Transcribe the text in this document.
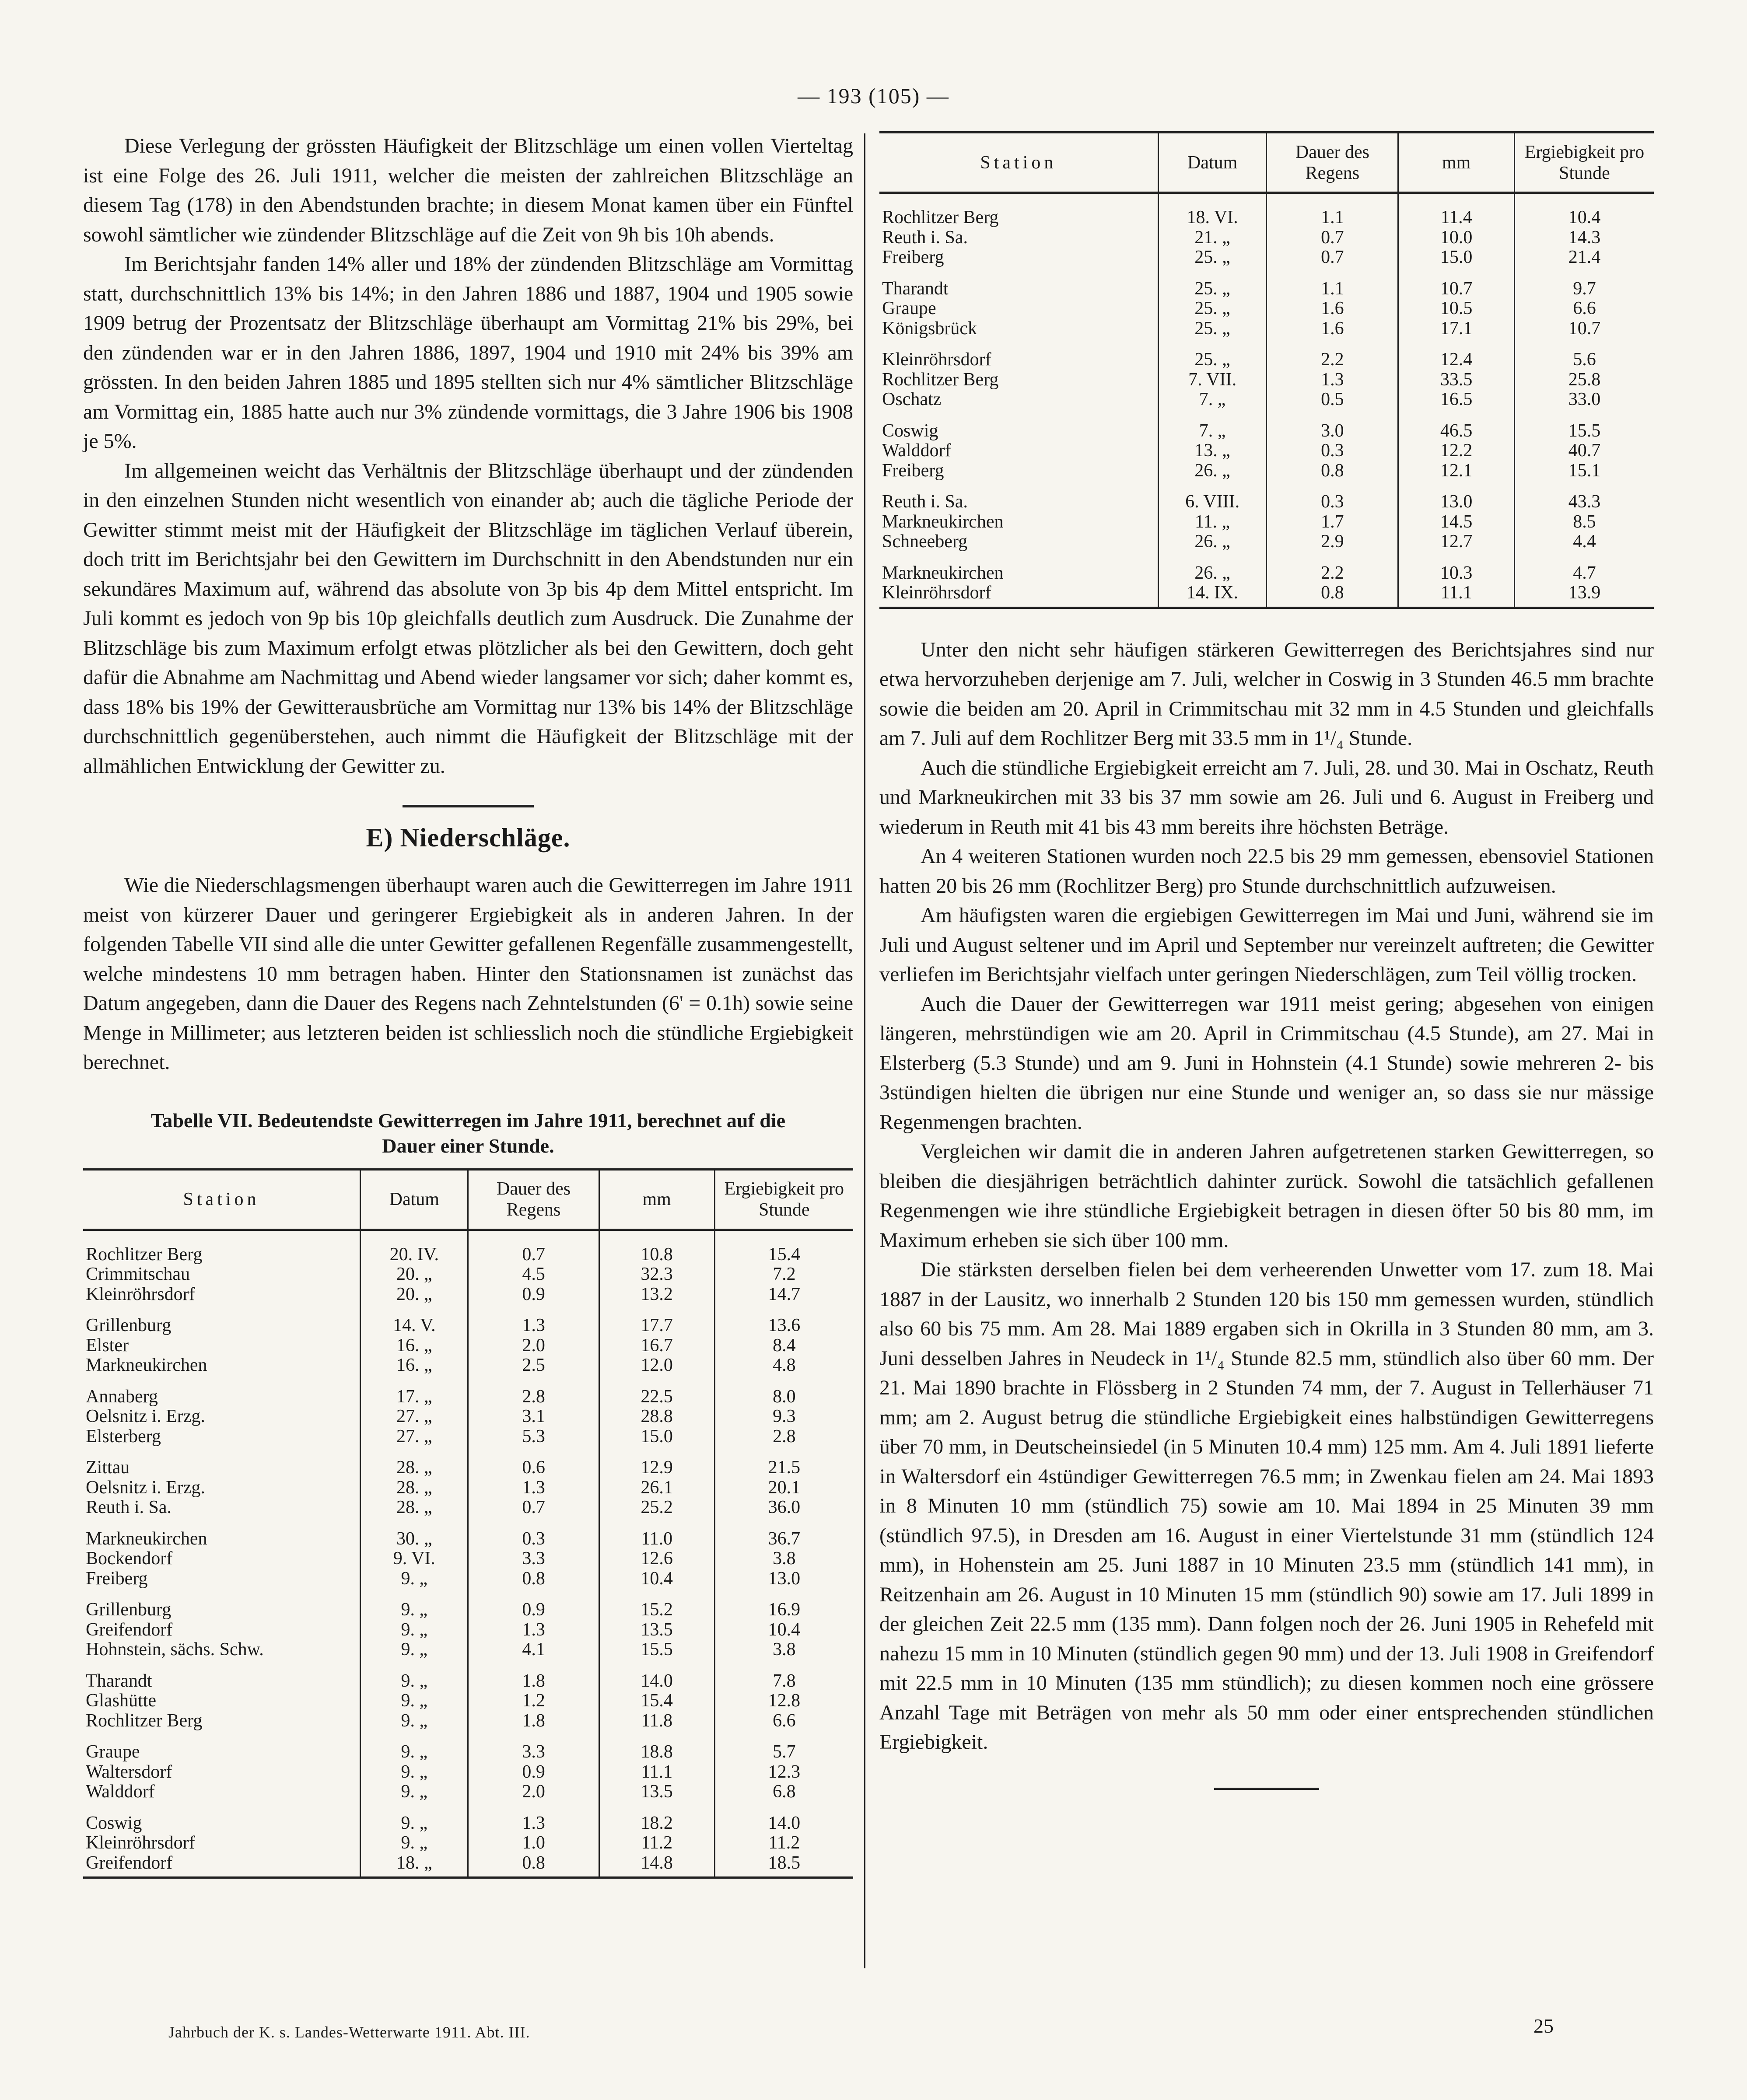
— 193 (105) —

Diese Verlegung der grössten Häufigkeit der Blitzschläge um einen vollen Vierteltag ist eine Folge des 26. Juli 1911, welcher die meisten der zahlreichen Blitzschläge an diesem Tag (178) in den Abendstunden brachte; in diesem Monat kamen über ein Fünftel sowohl sämtlicher wie zündender Blitzschläge auf die Zeit von 9h bis 10h abends.

Im Berichtsjahr fanden 14% aller und 18% der zündenden Blitzschläge am Vormittag statt, durchschnittlich 13% bis 14%; in den Jahren 1886 und 1887, 1904 und 1905 sowie 1909 betrug der Prozentsatz der Blitzschläge überhaupt am Vormittag 21% bis 29%, bei den zündenden war er in den Jahren 1886, 1897, 1904 und 1910 mit 24% bis 39% am grössten. In den beiden Jahren 1885 und 1895 stellten sich nur 4% sämtlicher Blitzschläge am Vormittag ein, 1885 hatte auch nur 3% zündende vormittags, die 3 Jahre 1906 bis 1908 je 5%.

Im allgemeinen weicht das Verhältnis der Blitzschläge überhaupt und der zündenden in den einzelnen Stunden nicht wesentlich von einander ab; auch die tägliche Periode der Gewitter stimmt meist mit der Häufigkeit der Blitzschläge im täglichen Verlauf überein, doch tritt im Berichtsjahr bei den Gewittern im Durchschnitt in den Abendstunden nur ein sekundäres Maximum auf, während das absolute von 3p bis 4p dem Mittel entspricht. Im Juli kommt es jedoch von 9p bis 10p gleichfalls deutlich zum Ausdruck. Die Zunahme der Blitzschläge bis zum Maximum erfolgt etwas plötzlicher als bei den Gewittern, doch geht dafür die Abnahme am Nachmittag und Abend wieder langsamer vor sich; daher kommt es, dass 18% bis 19% der Gewitterausbrüche am Vormittag nur 13% bis 14% der Blitzschläge durchschnittlich gegenüberstehen, auch nimmt die Häufigkeit der Blitzschläge mit der allmählichen Entwicklung der Gewitter zu.

E) Niederschläge.

Wie die Niederschlagsmengen überhaupt waren auch die Gewitterregen im Jahre 1911 meist von kürzerer Dauer und geringerer Ergiebigkeit als in anderen Jahren. In der folgenden Tabelle VII sind alle die unter Gewitter gefallenen Regenfälle zusammengestellt, welche mindestens 10 mm betragen haben. Hinter den Stationsnamen ist zunächst das Datum angegeben, dann die Dauer des Regens nach Zehntelstunden (6' = 0.1h) sowie seine Menge in Millimeter; aus letzteren beiden ist schliesslich noch die stündliche Ergiebigkeit berechnet.

Tabelle VII. Bedeutendste Gewitterregen im Jahre 1911, berechnet auf die
Dauer einer Stunde.
Station	Datum	Dauer des Regens	mm	Ergiebigkeit pro Stunde

Rochlitzer Berg	20. IV.	0.7	10.8	15.4
Crimmitschau	20. „	4.5	32.3	7.2
Kleinröhrsdorf	20. „	0.9	13.2	14.7
Grillenburg	14. V.	1.3	17.7	13.6
Elster	16. „	2.0	16.7	8.4
Markneukirchen	16. „	2.5	12.0	4.8
Annaberg	17. „	2.8	22.5	8.0
Oelsnitz i. Erzg.	27. „	3.1	28.8	9.3
Elsterberg	27. „	5.3	15.0	2.8
Zittau	28. „	0.6	12.9	21.5
Oelsnitz i. Erzg.	28. „	1.3	26.1	20.1
Reuth i. Sa.	28. „	0.7	25.2	36.0
Markneukirchen	30. „	0.3	11.0	36.7
Bockendorf	9. VI.	3.3	12.6	3.8
Freiberg	9. „	0.8	10.4	13.0
Grillenburg	9. „	0.9	15.2	16.9
Greifendorf	9. „	1.3	13.5	10.4
Hohnstein, sächs. Schw.	9. „	4.1	15.5	3.8
Tharandt	9. „	1.8	14.0	7.8
Glashütte	9. „	1.2	15.4	12.8
Rochlitzer Berg	9. „	1.8	11.8	6.6
Graupe	9. „	3.3	18.8	5.7
Waltersdorf	9. „	0.9	11.1	12.3
Walddorf	9. „	2.0	13.5	6.8
Coswig	9. „	1.3	18.2	14.0
Kleinröhrsdorf	9. „	1.0	11.2	11.2
Greifendorf	18. „	0.8	14.8	18.5
Station	Datum	Dauer des Regens	mm	Ergiebigkeit pro Stunde

Rochlitzer Berg	18. VI.	1.1	11.4	10.4
Reuth i. Sa.	21. „	0.7	10.0	14.3
Freiberg	25. „	0.7	15.0	21.4
Tharandt	25. „	1.1	10.7	9.7
Graupe	25. „	1.6	10.5	6.6
Königsbrück	25. „	1.6	17.1	10.7
Kleinröhrsdorf	25. „	2.2	12.4	5.6
Rochlitzer Berg	7. VII.	1.3	33.5	25.8
Oschatz	7. „	0.5	16.5	33.0
Coswig	7. „	3.0	46.5	15.5
Walddorf	13. „	0.3	12.2	40.7
Freiberg	26. „	0.8	12.1	15.1
Reuth i. Sa.	6. VIII.	0.3	13.0	43.3
Markneukirchen	11. „	1.7	14.5	8.5
Schneeberg	26. „	2.9	12.7	4.4
Markneukirchen	26. „	2.2	10.3	4.7
Kleinröhrsdorf	14. IX.	0.8	11.1	13.9

Unter den nicht sehr häufigen stärkeren Gewitterregen des Berichtsjahres sind nur etwa hervorzuheben derjenige am 7. Juli, welcher in Coswig in 3 Stunden 46.5 mm brachte sowie die beiden am 20. April in Crimmitschau mit 32 mm in 4.5 Stunden und gleichfalls am 7. Juli auf dem Rochlitzer Berg mit 33.5 mm in 1¹/₄ Stunde.

Auch die stündliche Ergiebigkeit erreicht am 7. Juli, 28. und 30. Mai in Oschatz, Reuth und Markneukirchen mit 33 bis 37 mm sowie am 26. Juli und 6. August in Freiberg und wiederum in Reuth mit 41 bis 43 mm bereits ihre höchsten Beträge.

An 4 weiteren Stationen wurden noch 22.5 bis 29 mm gemessen, ebensoviel Stationen hatten 20 bis 26 mm (Rochlitzer Berg) pro Stunde durchschnittlich aufzuweisen.

Am häufigsten waren die ergiebigen Gewitterregen im Mai und Juni, während sie im Juli und August seltener und im April und September nur vereinzelt auftreten; die Gewitter verliefen im Berichtsjahr vielfach unter geringen Niederschlägen, zum Teil völlig trocken.

Auch die Dauer der Gewitterregen war 1911 meist gering; abgesehen von einigen längeren, mehrstündigen wie am 20. April in Crimmitschau (4.5 Stunde), am 27. Mai in Elsterberg (5.3 Stunde) und am 9. Juni in Hohnstein (4.1 Stunde) sowie mehreren 2- bis 3stündigen hielten die übrigen nur eine Stunde und weniger an, so dass sie nur mässige Regenmengen brachten.

Vergleichen wir damit die in anderen Jahren aufgetretenen starken Gewitterregen, so bleiben die diesjährigen beträchtlich dahinter zurück. Sowohl die tatsächlich gefallenen Regenmengen wie ihre stündliche Ergiebigkeit betragen in diesen öfter 50 bis 80 mm, im Maximum erheben sie sich über 100 mm.

Die stärksten derselben fielen bei dem verheerenden Unwetter vom 17. zum 18. Mai 1887 in der Lausitz, wo innerhalb 2 Stunden 120 bis 150 mm gemessen wurden, stündlich also 60 bis 75 mm. Am 28. Mai 1889 ergaben sich in Okrilla in 3 Stunden 80 mm, am 3. Juni desselben Jahres in Neudeck in 1¹/₄ Stunde 82.5 mm, stündlich also über 60 mm. Der 21. Mai 1890 brachte in Flössberg in 2 Stunden 74 mm, der 7. August in Tellerhäuser 71 mm; am 2. August betrug die stündliche Ergiebigkeit eines halbstündigen Gewitterregens über 70 mm, in Deutscheinsiedel (in 5 Minuten 10.4 mm) 125 mm. Am 4. Juli 1891 lieferte in Waltersdorf ein 4stündiger Gewitterregen 76.5 mm; in Zwenkau fielen am 24. Mai 1893 in 8 Minuten 10 mm (stündlich 75) sowie am 10. Mai 1894 in 25 Minuten 39 mm (stündlich 97.5), in Dresden am 16. August in einer Viertelstunde 31 mm (stündlich 124 mm), in Hohenstein am 25. Juni 1887 in 10 Minuten 23.5 mm (stündlich 141 mm), in Reitzenhain am 26. August in 10 Minuten 15 mm (stündlich 90) sowie am 17. Juli 1899 in der gleichen Zeit 22.5 mm (135 mm). Dann folgen noch der 26. Juni 1905 in Rehefeld mit nahezu 15 mm in 10 Minuten (stündlich gegen 90 mm) und der 13. Juli 1908 in Greifendorf mit 22.5 mm in 10 Minuten (135 mm stündlich); zu diesen kommen noch eine grössere Anzahl Tage mit Beträgen von mehr als 50 mm oder einer entsprechenden stündlichen Ergiebigkeit.

Jahrbuch der K. s. Landes-Wetterwarte 1911. Abt. III.	25
